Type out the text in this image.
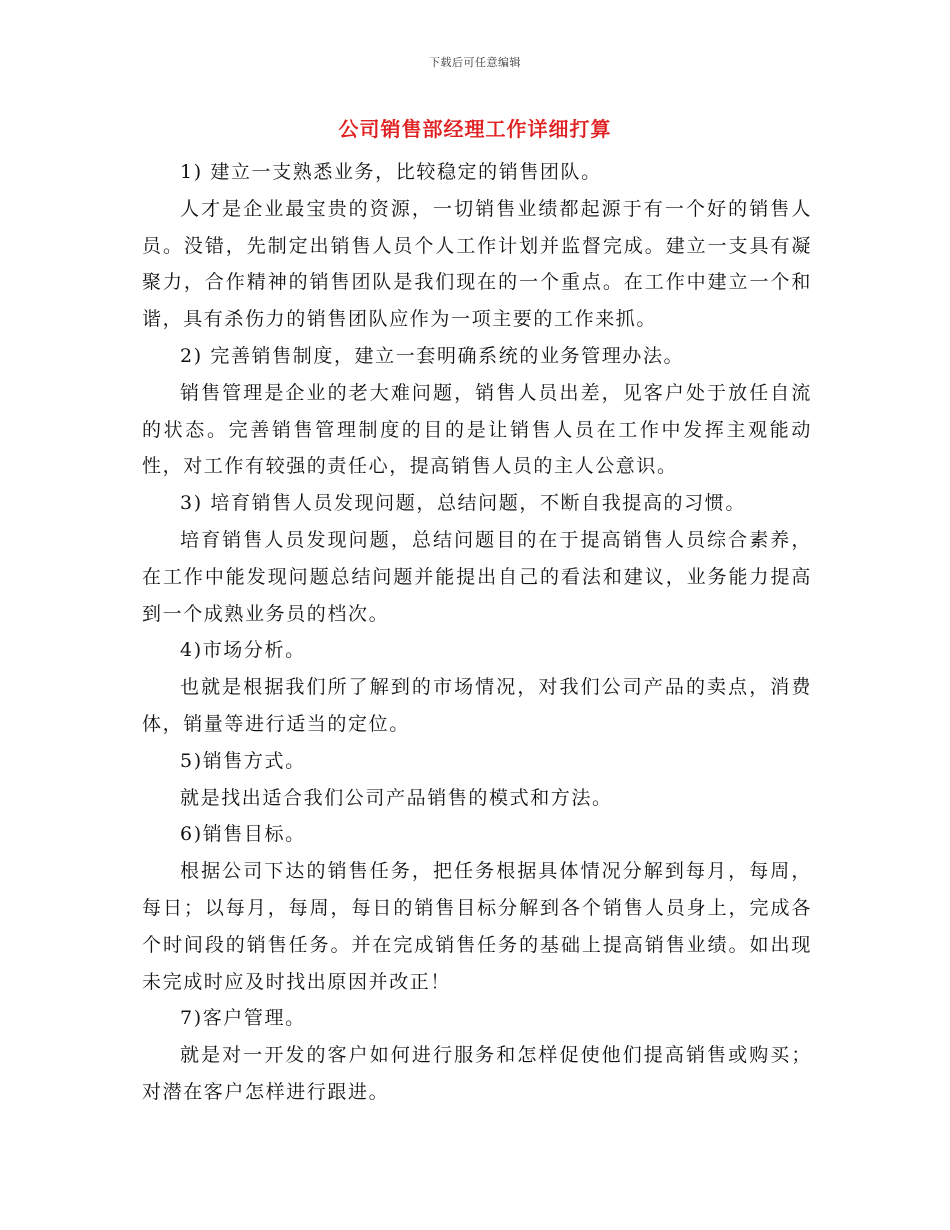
下载后可任意编辑
公司销售部经理工作详细打算

1) 建立一支熟悉业务，比较稳定的销售团队。

人才是企业最宝贵的资源，一切销售业绩都起源于有一个好的销售人员。没错，先制定出销售人员个人工作计划并监督完成。建立一支具有凝聚力，合作精神的销售团队是我们现在的一个重点。在工作中建立一个和谐，具有杀伤力的销售团队应作为一项主要的工作来抓。

2) 完善销售制度，建立一套明确系统的业务管理办法。

销售管理是企业的老大难问题，销售人员出差，见客户处于放任自流的状态。完善销售管理制度的目的是让销售人员在工作中发挥主观能动性，对工作有较强的责任心，提高销售人员的主人公意识。

3) 培育销售人员发现问题，总结问题，不断自我提高的习惯。

培育销售人员发现问题，总结问题目的在于提高销售人员综合素养，在工作中能发现问题总结问题并能提出自己的看法和建议，业务能力提高到一个成熟业务员的档次。

4)市场分析。

也就是根据我们所了解到的市场情况，对我们公司产品的卖点，消费体，销量等进行适当的定位。

5)销售方式。

就是找出适合我们公司产品销售的模式和方法。

6)销售目标。

根据公司下达的销售任务，把任务根据具体情况分解到每月，每周，每日；以每月，每周，每日的销售目标分解到各个销售人员身上，完成各个时间段的销售任务。并在完成销售任务的基础上提高销售业绩。如出现未完成时应及时找出原因并改正！

7)客户管理。

就是对一开发的客户如何进行服务和怎样促使他们提高销售或购买；对潜在客户怎样进行跟进。
